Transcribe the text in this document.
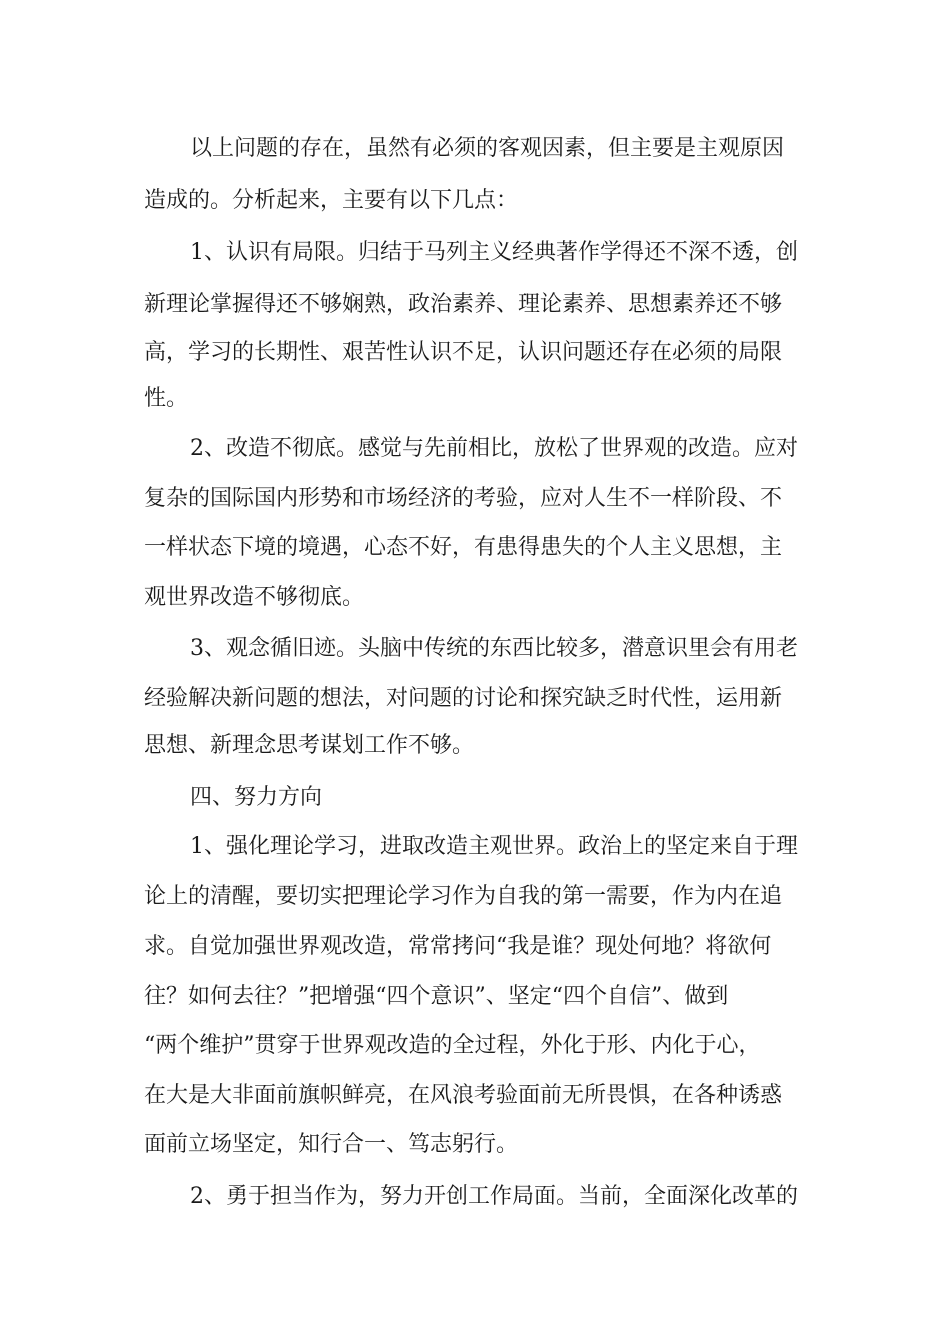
以上问题的存在，虽然有必须的客观因素，但主要是主观原因

造成的。分析起来，主要有以下几点：

1、认识有局限。归结于马列主义经典著作学得还不深不透，创

新理论掌握得还不够娴熟，政治素养、理论素养、思想素养还不够

高，学习的长期性、艰苦性认识不足，认识问题还存在必须的局限

性。

2、改造不彻底。感觉与先前相比，放松了世界观的改造。应对

复杂的国际国内形势和市场经济的考验，应对人生不一样阶段、不

一样状态下境的境遇，心态不好，有患得患失的个人主义思想，主

观世界改造不够彻底。

3、观念循旧迹。头脑中传统的东西比较多，潜意识里会有用老

经验解决新问题的想法，对问题的讨论和探究缺乏时代性，运用新

思想、新理念思考谋划工作不够。

四、努力方向

1、强化理论学习，进取改造主观世界。政治上的坚定来自于理

论上的清醒，要切实把理论学习作为自我的第一需要，作为内在追

求。自觉加强世界观改造，常常拷问“我是谁？现处何地？将欲何

往？如何去往？”把增强“四个意识”、坚定“四个自信”、做到

“两个维护”贯穿于世界观改造的全过程，外化于形、内化于心，

在大是大非面前旗帜鲜亮，在风浪考验面前无所畏惧，在各种诱惑

面前立场坚定，知行合一、笃志躬行。

2、勇于担当作为，努力开创工作局面。当前，全面深化改革的
